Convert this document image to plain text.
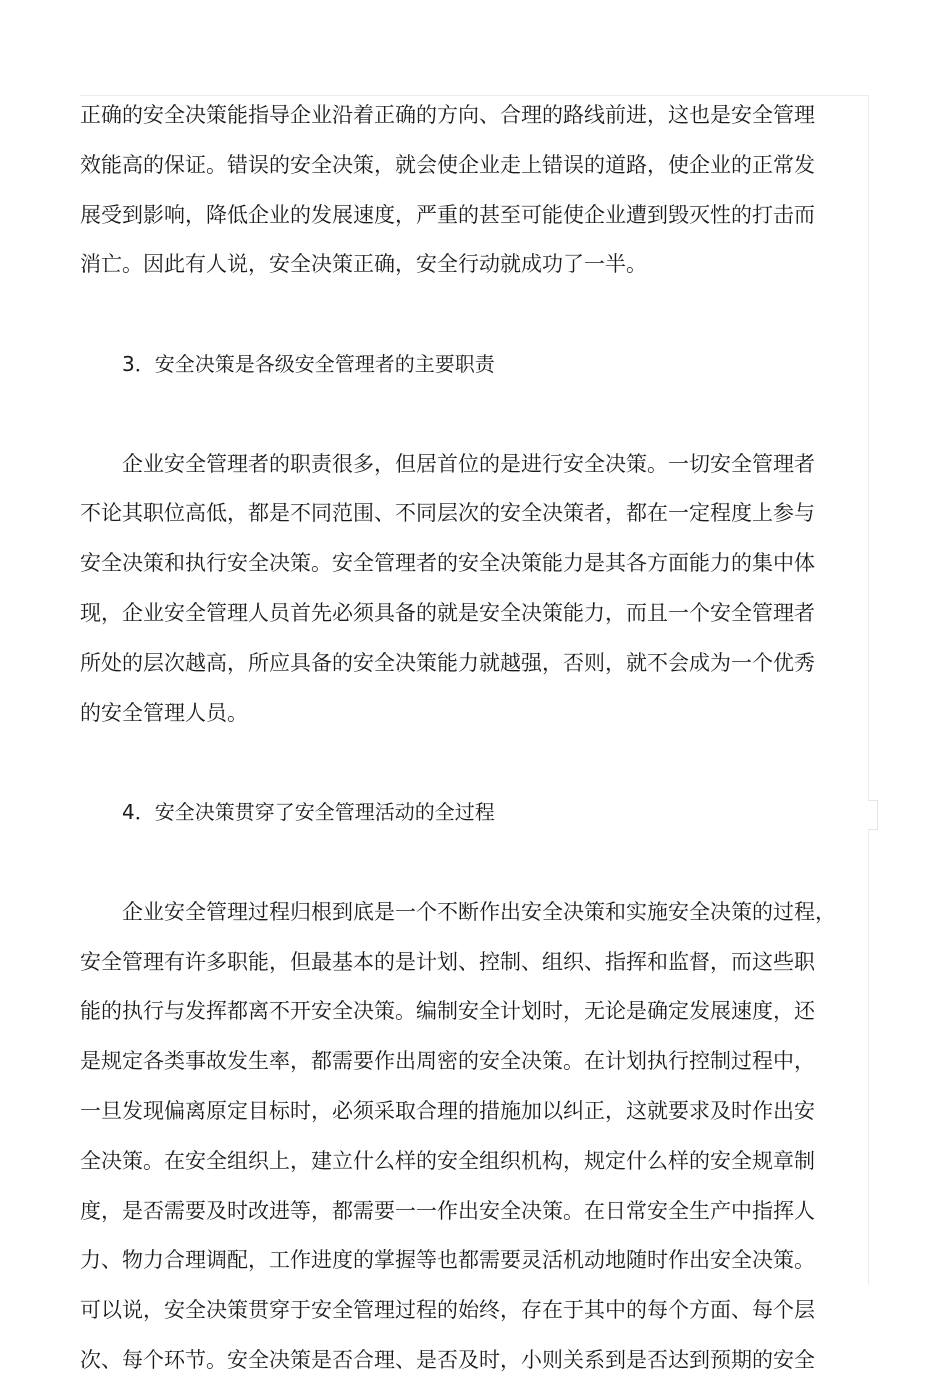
正确的安全决策能指导企业沿着正确的方向、合理的路线前进，这也是安全管理
效能高的保证。错误的安全决策，就会使企业走上错误的道路，使企业的正常发
展受到影响，降低企业的发展速度，严重的甚至可能使企业遭到毁灭性的打击而
消亡。因此有人说，安全决策正确，安全行动就成功了一半。
3．安全决策是各级安全管理者的主要职责
企业安全管理者的职责很多，但居首位的是进行安全决策。一切安全管理者
不论其职位高低，都是不同范围、不同层次的安全决策者，都在一定程度上参与
安全决策和执行安全决策。安全管理者的安全决策能力是其各方面能力的集中体
现，企业安全管理人员首先必须具备的就是安全决策能力，而且一个安全管理者
所处的层次越高，所应具备的安全决策能力就越强，否则，就不会成为一个优秀
的安全管理人员。
4．安全决策贯穿了安全管理活动的全过程
企业安全管理过程归根到底是一个不断作出安全决策和实施安全决策的过程，
安全管理有许多职能，但最基本的是计划、控制、组织、指挥和监督，而这些职
能的执行与发挥都离不开安全决策。编制安全计划时，无论是确定发展速度，还
是规定各类事故发生率，都需要作出周密的安全决策。在计划执行控制过程中，
一旦发现偏离原定目标时，必须采取合理的措施加以纠正，这就要求及时作出安
全决策。在安全组织上，建立什么样的安全组织机构，规定什么样的安全规章制
度，是否需要及时改进等，都需要一一作出安全决策。在日常安全生产中指挥人
力、物力合理调配，工作进度的掌握等也都需要灵活机动地随时作出安全决策。
可以说，安全决策贯穿于安全管理过程的始终，存在于其中的每个方面、每个层
次、每个环节。安全决策是否合理、是否及时，小则关系到是否达到预期的安全
